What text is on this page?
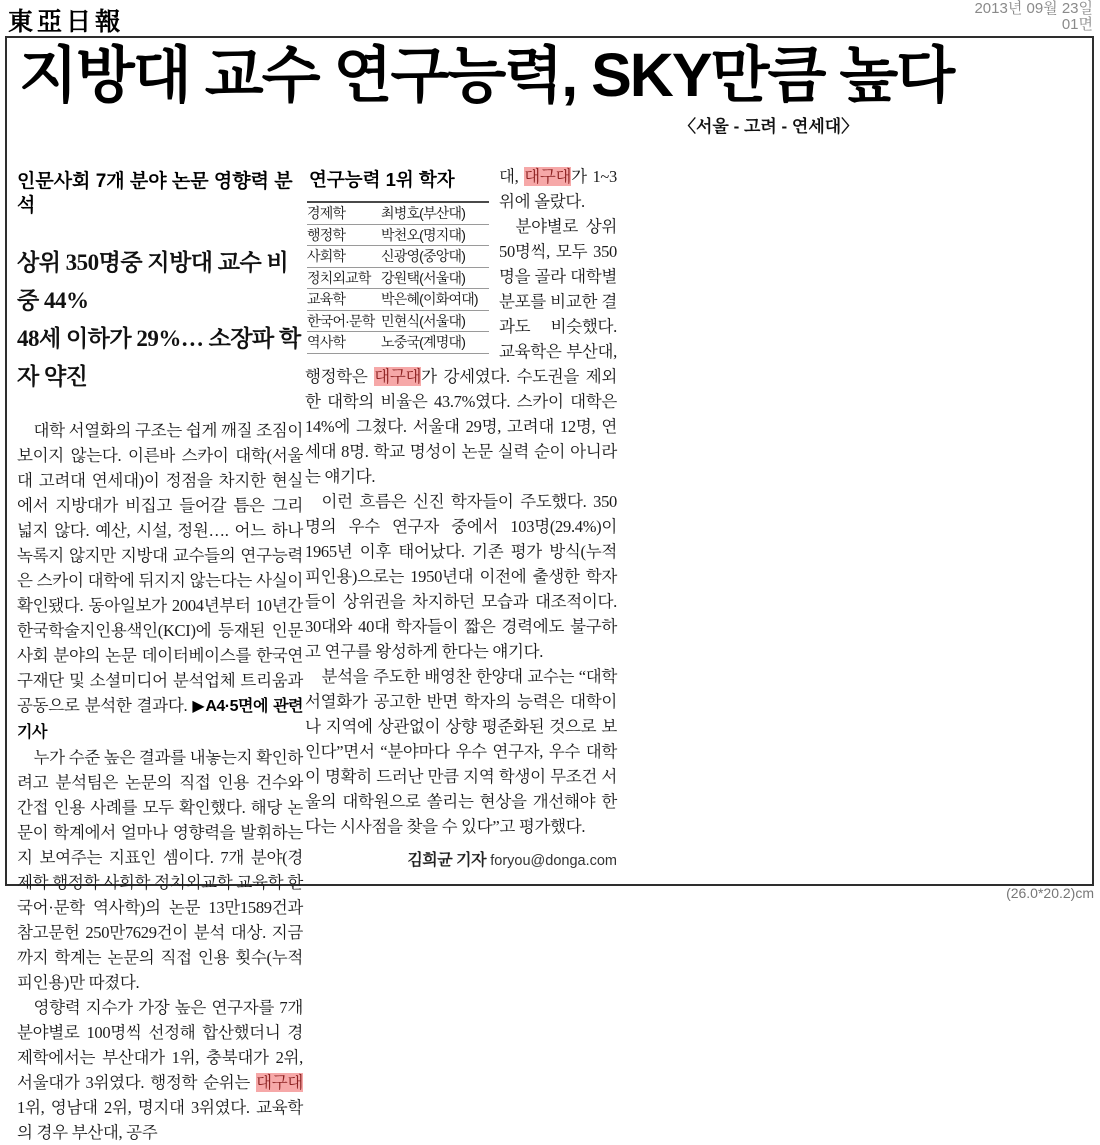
東亞日報
2013년 09월 23일
01면
지방대 교수 연구능력, SKY만큼 높다
〈서울 - 고려 - 연세대〉
인문사회 7개 분야 논문 영향력 분석
상위 350명중 지방대 교수 비중 44%
48세 이하가 29%… 소장파 학자 약진

대학 서열화의 구조는 쉽게 깨질 조짐이 보이지 않는다. 이른바 스카이 대학(서울대 고려대 연세대)이 정점을 차지한 현실에서 지방대가 비집고 들어갈 틈은 그리 넓지 않다. 예산, 시설, 정원…. 어느 하나 녹록지 않지만 지방대 교수들의 연구능력은 스카이 대학에 뒤지지 않는다는 사실이 확인됐다. 동아일보가 2004년부터 10년간 한국학술지인용색인(KCI)에 등재된 인문사회 분야의 논문 데이터베이스를 한국연구재단 및 소셜미디어 분석업체 트리움과 공동으로 분석한 결과다. ▶A4·5면에 관련기사

누가 수준 높은 결과를 내놓는지 확인하려고 분석팀은 논문의 직접 인용 건수와 간접 인용 사례를 모두 확인했다. 해당 논문이 학계에서 얼마나 영향력을 발휘하는지 보여주는 지표인 셈이다. 7개 분야(경제학 행정학 사회학 정치외교학 교육학 한국어·문학 역사학)의 논문 13만1589건과 참고문헌 250만7629건이 분석 대상. 지금까지 학계는 논문의 직접 인용 횟수(누적 피인용)만 따졌다.

영향력 지수가 가장 높은 연구자를 7개 분야별로 100명씩 선정해 합산했더니 경제학에서는 부산대가 1위, 충북대가 2위, 서울대가 3위였다. 행정학 순위는 대구대 1위, 영남대 2위, 명지대 3위였다. 교육학의 경우 부산대, 공주

연구능력 1위 학자
경제학	최병호(부산대)
행정학	박천오(명지대)
사회학	신광영(중앙대)
정치외교학 강원택(서울대)
교육학	박은혜(이화여대)
한국어·문학 민현식(서울대)
역사학	노중국(계명대)

대, 대구대가 1~3위에 올랐다.

분야별로 상위 50명씩, 모두 350명을 골라 대학별 분포를 비교한 결과도 비슷했다. 교육학은 부산대, 행정학은 대구대가 강세였다. 수도권을 제외한 대학의 비율은 43.7%였다. 스카이 대학은 14%에 그쳤다. 서울대 29명, 고려대 12명, 연세대 8명. 학교 명성이 논문 실력 순이 아니라는 얘기다.

이런 흐름은 신진 학자들이 주도했다. 350명의 우수 연구자 중에서 103명(29.4%)이 1965년 이후 태어났다. 기존 평가 방식(누적 피인용)으로는 1950년대 이전에 출생한 학자들이 상위권을 차지하던 모습과 대조적이다. 30대와 40대 학자들이 짧은 경력에도 불구하고 연구를 왕성하게 한다는 얘기다.

분석을 주도한 배영찬 한양대 교수는 “대학 서열화가 공고한 반면 학자의 능력은 대학이나 지역에 상관없이 상향 평준화된 것으로 보인다”면서 “분야마다 우수 연구자, 우수 대학이 명확히 드러난 만큼 지역 학생이 무조건 서울의 대학원으로 쏠리는 현상을 개선해야 한다는 시사점을 찾을 수 있다”고 평가했다.

김희균 기자 foryou@donga.com
(26.0*20.2)cm
